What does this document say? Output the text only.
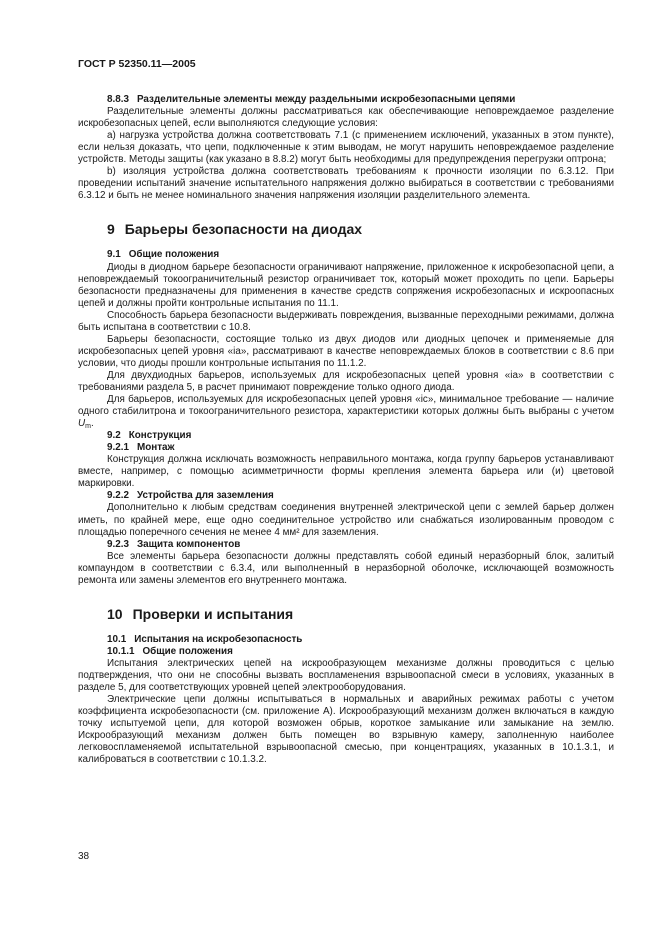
ГОСТ Р 52350.11—2005
8.8.3 Разделительные элементы между раздельными искробезопасными цепями

Разделительные элементы должны рассматриваться как обеспечивающие неповреждаемое разделение искробезопасных цепей, если выполняются следующие условия:

а) нагрузка устройства должна соответствовать 7.1 (с применением исключений, указанных в этом пункте), если нельзя доказать, что цепи, подключенные к этим выводам, не могут нарушить неповреждаемое разделение устройств. Методы защиты (как указано в 8.8.2) могут быть необходимы для предупреждения перегрузки оптрона;

b) изоляция устройства должна соответствовать требованиям к прочности изоляции по 6.3.12. При проведении испытаний значение испытательного напряжения должно выбираться в соответствии с требованиями 6.3.12 и быть не менее номинального значения напряжения изоляции разделительного элемента.

9 Барьеры безопасности на диодах
9.1 Общие положения

Диоды в диодном барьере безопасности ограничивают напряжение, приложенное к искробезопасной цепи, а неповреждаемый токоограничительный резистор ограничивает ток, который может проходить по цепи. Барьеры безопасности предназначены для применения в качестве средств сопряжения искробезопасных и искроопасных цепей и должны пройти контрольные испытания по 11.1.

Способность барьера безопасности выдерживать повреждения, вызванные переходными режимами, должна быть испытана в соответствии с 10.8.

Барьеры безопасности, состоящие только из двух диодов или диодных цепочек и применяемые для искробезопасных цепей уровня «ia», рассматривают в качестве неповреждаемых блоков в соответствии с 8.6 при условии, что диоды прошли контрольные испытания по 11.1.2.

Для двухдиодных барьеров, используемых для искробезопасных цепей уровня «ia» в соответствии с требованиями раздела 5, в расчет принимают повреждение только одного диода.

Для барьеров, используемых для искробезопасных цепей уровня «ic», минимальное требование — наличие одного стабилитрона и токоограничительного резистора, характеристики которых должны быть выбраны с учетом $U_m$.

9.2 Конструкция
9.2.1 Монтаж

Конструкция должна исключать возможность неправильного монтажа, когда группу барьеров устанавливают вместе, например, с помощью асимметричности формы крепления элемента барьера или (и) цветовой маркировки.

9.2.2 Устройства для заземления

Дополнительно к любым средствам соединения внутренней электрической цепи с землей барьер должен иметь, по крайней мере, еще одно соединительное устройство или снабжаться изолированным проводом с площадью поперечного сечения не менее 4 мм² для заземления.

9.2.3 Защита компонентов

Все элементы барьера безопасности должны представлять собой единый неразборный блок, залитый компаундом в соответствии с 6.3.4, или выполненный в неразборной оболочке, исключающей возможность ремонта или замены элементов его внутреннего монтажа.

10 Проверки и испытания
10.1 Испытания на искробезопасность
10.1.1 Общие положения

Испытания электрических цепей на искрообразующем механизме должны проводиться с целью подтверждения, что они не способны вызвать воспламенения взрывоопасной смеси в условиях, указанных в разделе 5, для соответствующих уровней цепей электрооборудования.

Электрические цепи должны испытываться в нормальных и аварийных режимах работы с учетом коэффициента искробезопасности (см. приложение А). Искрообразующий механизм должен включаться в каждую точку испытуемой цепи, для которой возможен обрыв, короткое замыкание или замыкание на землю. Искрообразующий механизм должен быть помещен во взрывную камеру, заполненную наиболее легковоспламеняемой испытательной взрывоопасной смесью, при концентрациях, указанных в 10.1.3.1, и калиброваться в соответствии с 10.1.3.2.

38
